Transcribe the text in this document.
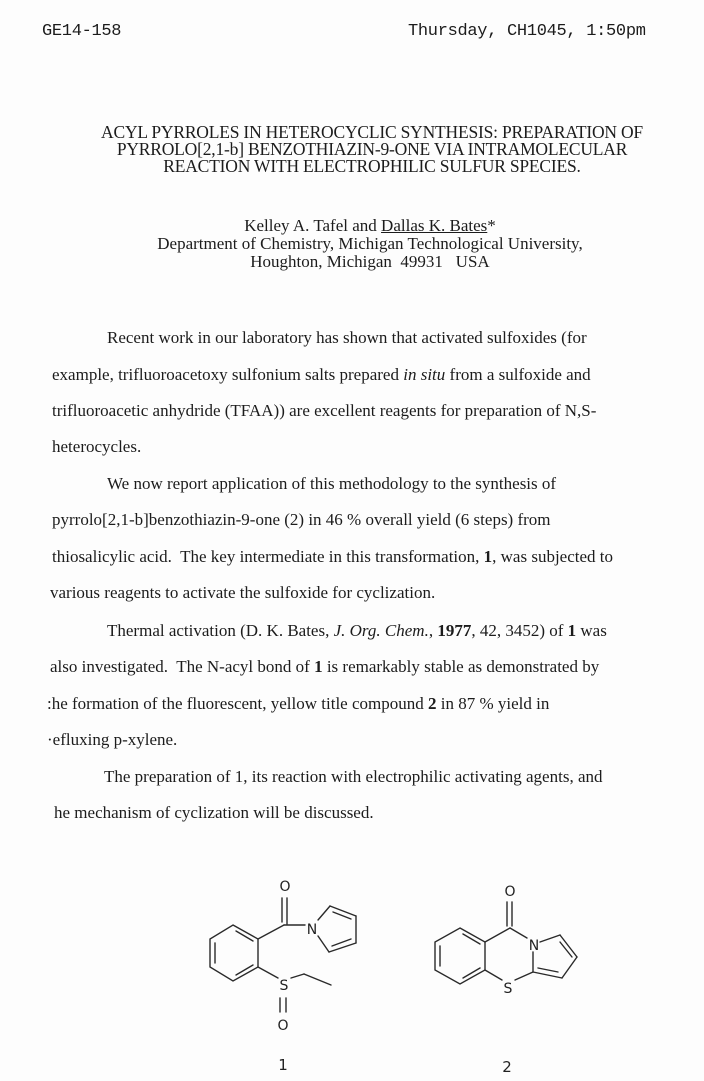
GE14-158	Thursday, CH1045, 1:50pm
ACYL PYRROLES IN HETEROCYCLIC SYNTHESIS: PREPARATION OF
PYRROLO[2,1-b] BENZOTHIAZIN-9-ONE VIA INTRAMOLECULAR
REACTION WITH ELECTROPHILIC SULFUR SPECIES.
Kelley A. Tafel and Dallas K. Bates*
Department of Chemistry, Michigan Technological University,
Houghton, Michigan  49931   USA
Recent work in our laboratory has shown that activated sulfoxides (for
example, trifluoroacetoxy sulfonium salts prepared in situ from a sulfoxide and
trifluoroacetic anhydride (TFAA)) are excellent reagents for preparation of N,S-
heterocycles.
We now report application of this methodology to the synthesis of
pyrrolo[2,1-b]benzothiazin-9-one (2) in 46 % overall yield (6 steps) from
thiosalicylic acid.  The key intermediate in this transformation, 1, was subjected to
various reagents to activate the sulfoxide for cyclization.
Thermal activation (D. K. Bates, J. Org. Chem., 1977, 42, 3452) of 1 was
also investigated.  The N-acyl bond of 1 is remarkably stable as demonstrated by
:he formation of the fluorescent, yellow title compound 2 in 87 % yield in
·efluxing p-xylene.
The preparation of 1, its reaction with electrophilic activating agents, and
he mechanism of cyclization will be discussed.
O
N
S
O
1
O
N
S
2
